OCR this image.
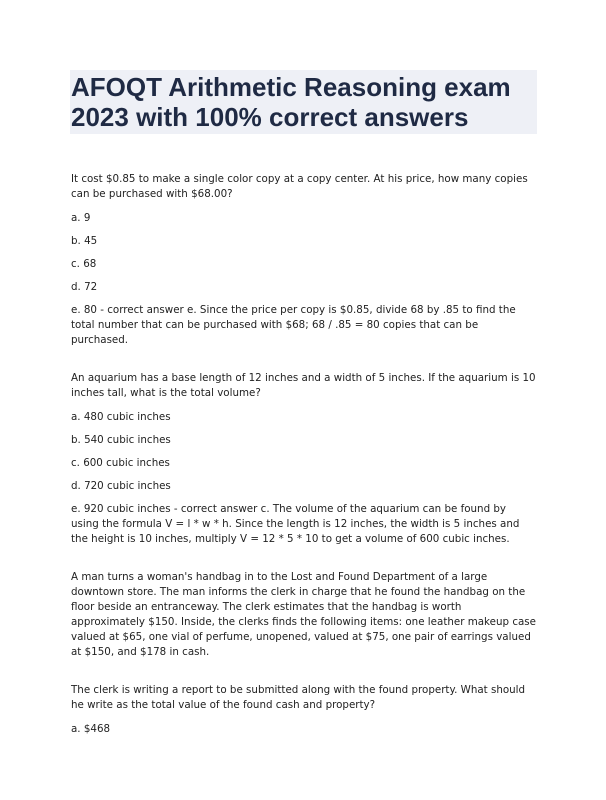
AFOQT Arithmetic Reasoning exam 2023 with 100% correct answers

It cost $0.85 to make a single color copy at a copy center. At his price, how many copies can be purchased with $68.00?

a. 9

b. 45

c. 68

d. 72

e. 80 - correct answer e. Since the price per copy is $0.85, divide 68 by .85 to find the total number that can be purchased with $68; 68 / .85 = 80 copies that can be purchased.

An aquarium has a base length of 12 inches and a width of 5 inches. If the aquarium is 10 inches tall, what is the total volume?

a. 480 cubic inches

b. 540 cubic inches

c. 600 cubic inches

d. 720 cubic inches

e. 920 cubic inches - correct answer c. The volume of the aquarium can be found by using the formula V = l * w * h. Since the length is 12 inches, the width is 5 inches and the height is 10 inches, multiply V = 12 * 5 * 10 to get a volume of 600 cubic inches.

A man turns a woman's handbag in to the Lost and Found Department of a large downtown store. The man informs the clerk in charge that he found the handbag on the floor beside an entranceway. The clerk estimates that the handbag is worth approximately $150. Inside, the clerks finds the following items: one leather makeup case valued at $65, one vial of perfume, unopened, valued at $75, one pair of earrings valued at $150, and $178 in cash.

The clerk is writing a report to be submitted along with the found property. What should he write as the total value of the found cash and property?

a. $468
